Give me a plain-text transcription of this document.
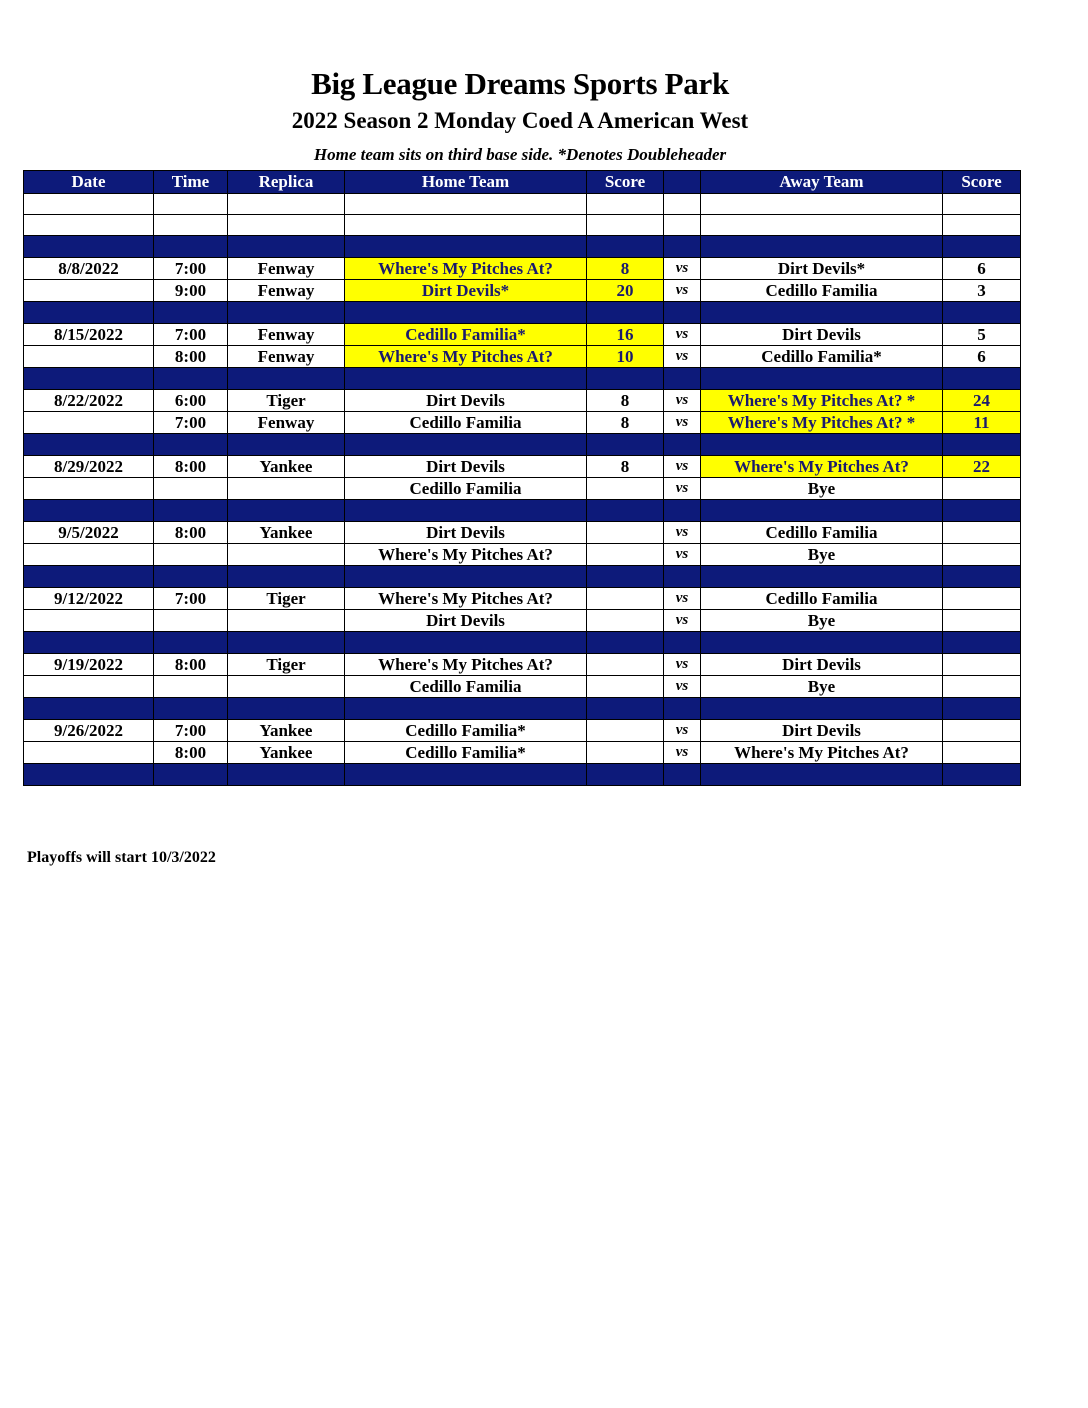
Big League Dreams Sports Park
2022 Season 2 Monday Coed A American West
Home team sits on third base side. *Denotes Doubleheader
Date	Time	Replica	Home Team	Score		Away Team	Score

8/8/2022	7:00	Fenway	Where's My Pitches At?	8	vs	Dirt Devils*	6
	9:00	Fenway	Dirt Devils*	20	vs	Cedillo Familia	3

8/15/2022	7:00	Fenway	Cedillo Familia*	16	vs	Dirt Devils	5
	8:00	Fenway	Where's My Pitches At?	10	vs	Cedillo Familia*	6

8/22/2022	6:00	Tiger	Dirt Devils	8	vs	Where's My Pitches At? *	24
	7:00	Fenway	Cedillo Familia	8	vs	Where's My Pitches At? *	11

8/29/2022	8:00	Yankee	Dirt Devils	8	vs	Where's My Pitches At?	22
			Cedillo Familia		vs	Bye	

9/5/2022	8:00	Yankee	Dirt Devils		vs	Cedillo Familia	
			Where's My Pitches At?		vs	Bye	

9/12/2022	7:00	Tiger	Where's My Pitches At?		vs	Cedillo Familia	
			Dirt Devils		vs	Bye	

9/19/2022	8:00	Tiger	Where's My Pitches At?		vs	Dirt Devils	
			Cedillo Familia		vs	Bye	

9/26/2022	7:00	Yankee	Cedillo Familia*		vs	Dirt Devils	
	8:00	Yankee	Cedillo Familia*		vs	Where's My Pitches At?	

Playoffs will start 10/3/2022
